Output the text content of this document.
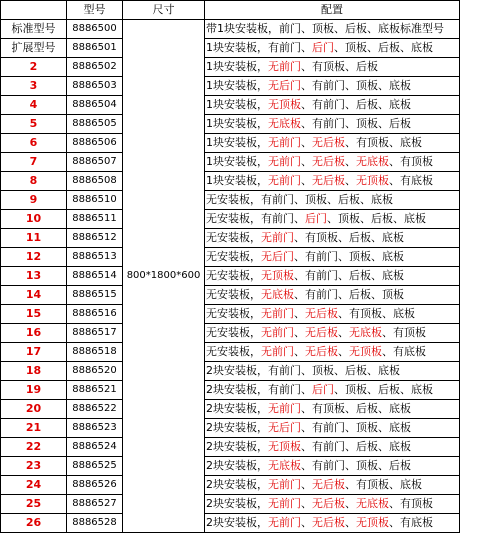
	型号	尺寸	配置
标准型号	8886500	800*1800*600	带1块安装板，前门、顶板、后板、底板标准型号
扩展型号	8886501		1块安装板，有前门、后门、顶板、后板、底板
2	8886502		1块安装板，无前门、有顶板、后板
3	8886503		1块安装板，无后门、有前门、顶板、底板
4	8886504		1块安装板，无顶板、有前门、后板、底板
5	8886505		1块安装板，无底板、有前门、顶板、后板
6	8886506		1块安装板，无前门、无后板、有顶板、底板
7	8886507		1块安装板，无前门、无后板、无底板、有顶板
8	8886508		1块安装板，无前门、无后板、无顶板、有底板
9	8886510		无安装板，有前门、顶板、后板、底板
10	8886511		无安装板，有前门、后门、顶板、后板、底板
11	8886512		无安装板，无前门、有顶板、后板、底板
12	8886513		无安装板，无后门、有前门、顶板、底板
13	8886514		无安装板，无顶板、有前门、后板、底板
14	8886515		无安装板，无底板、有前门、后板、顶板
15	8886516		无安装板，无前门、无后板、有顶板、底板
16	8886517		无安装板，无前门、无后板、无底板、有顶板
17	8886518		无安装板，无前门、无后板、无顶板、有底板
18	8886520		2块安装板，有前门、顶板、后板、底板
19	8886521		2块安装板，有前门、后门、顶板、后板、底板
20	8886522		2块安装板，无前门、有顶板、后板、底板
21	8886523		2块安装板，无后门、有前门、顶板、底板
22	8886524		2块安装板，无顶板、有前门、后板、底板
23	8886525		2块安装板，无底板、有前门、顶板、后板
24	8886526		2块安装板，无前门、无后板、有顶板、底板
25	8886527		2块安装板，无前门、无后板、无底板、有顶板
26	8886528		2块安装板，无前门、无后板、无顶板、有底板
